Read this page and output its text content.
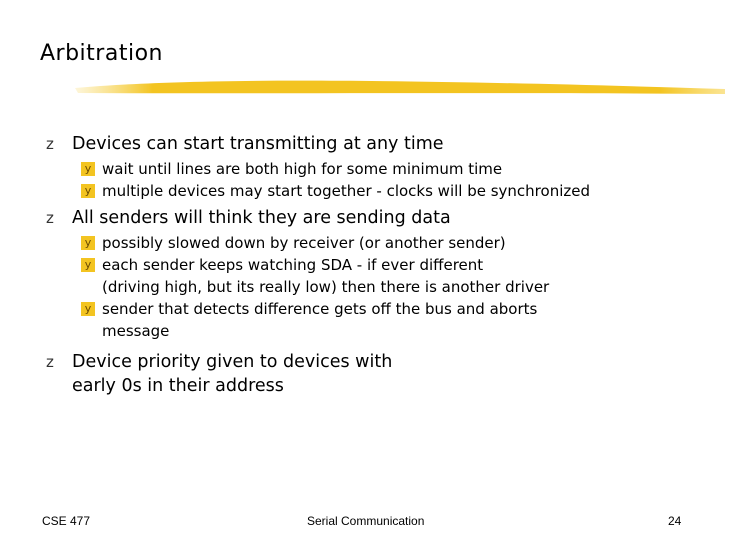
Arbitration
z Devices can start transmitting at any time
y wait until lines are both high for some minimum time
y multiple devices may start together - clocks will be synchronized
z All senders will think they are sending data
y possibly slowed down by receiver (or another sender)
y each sender keeps watching SDA - if ever different
(driving high, but its really low) then there is another driver
y sender that detects difference gets off the bus and aborts
message
z Device priority given to devices with
early 0s in their address
CSE 477	Serial Communication	24
